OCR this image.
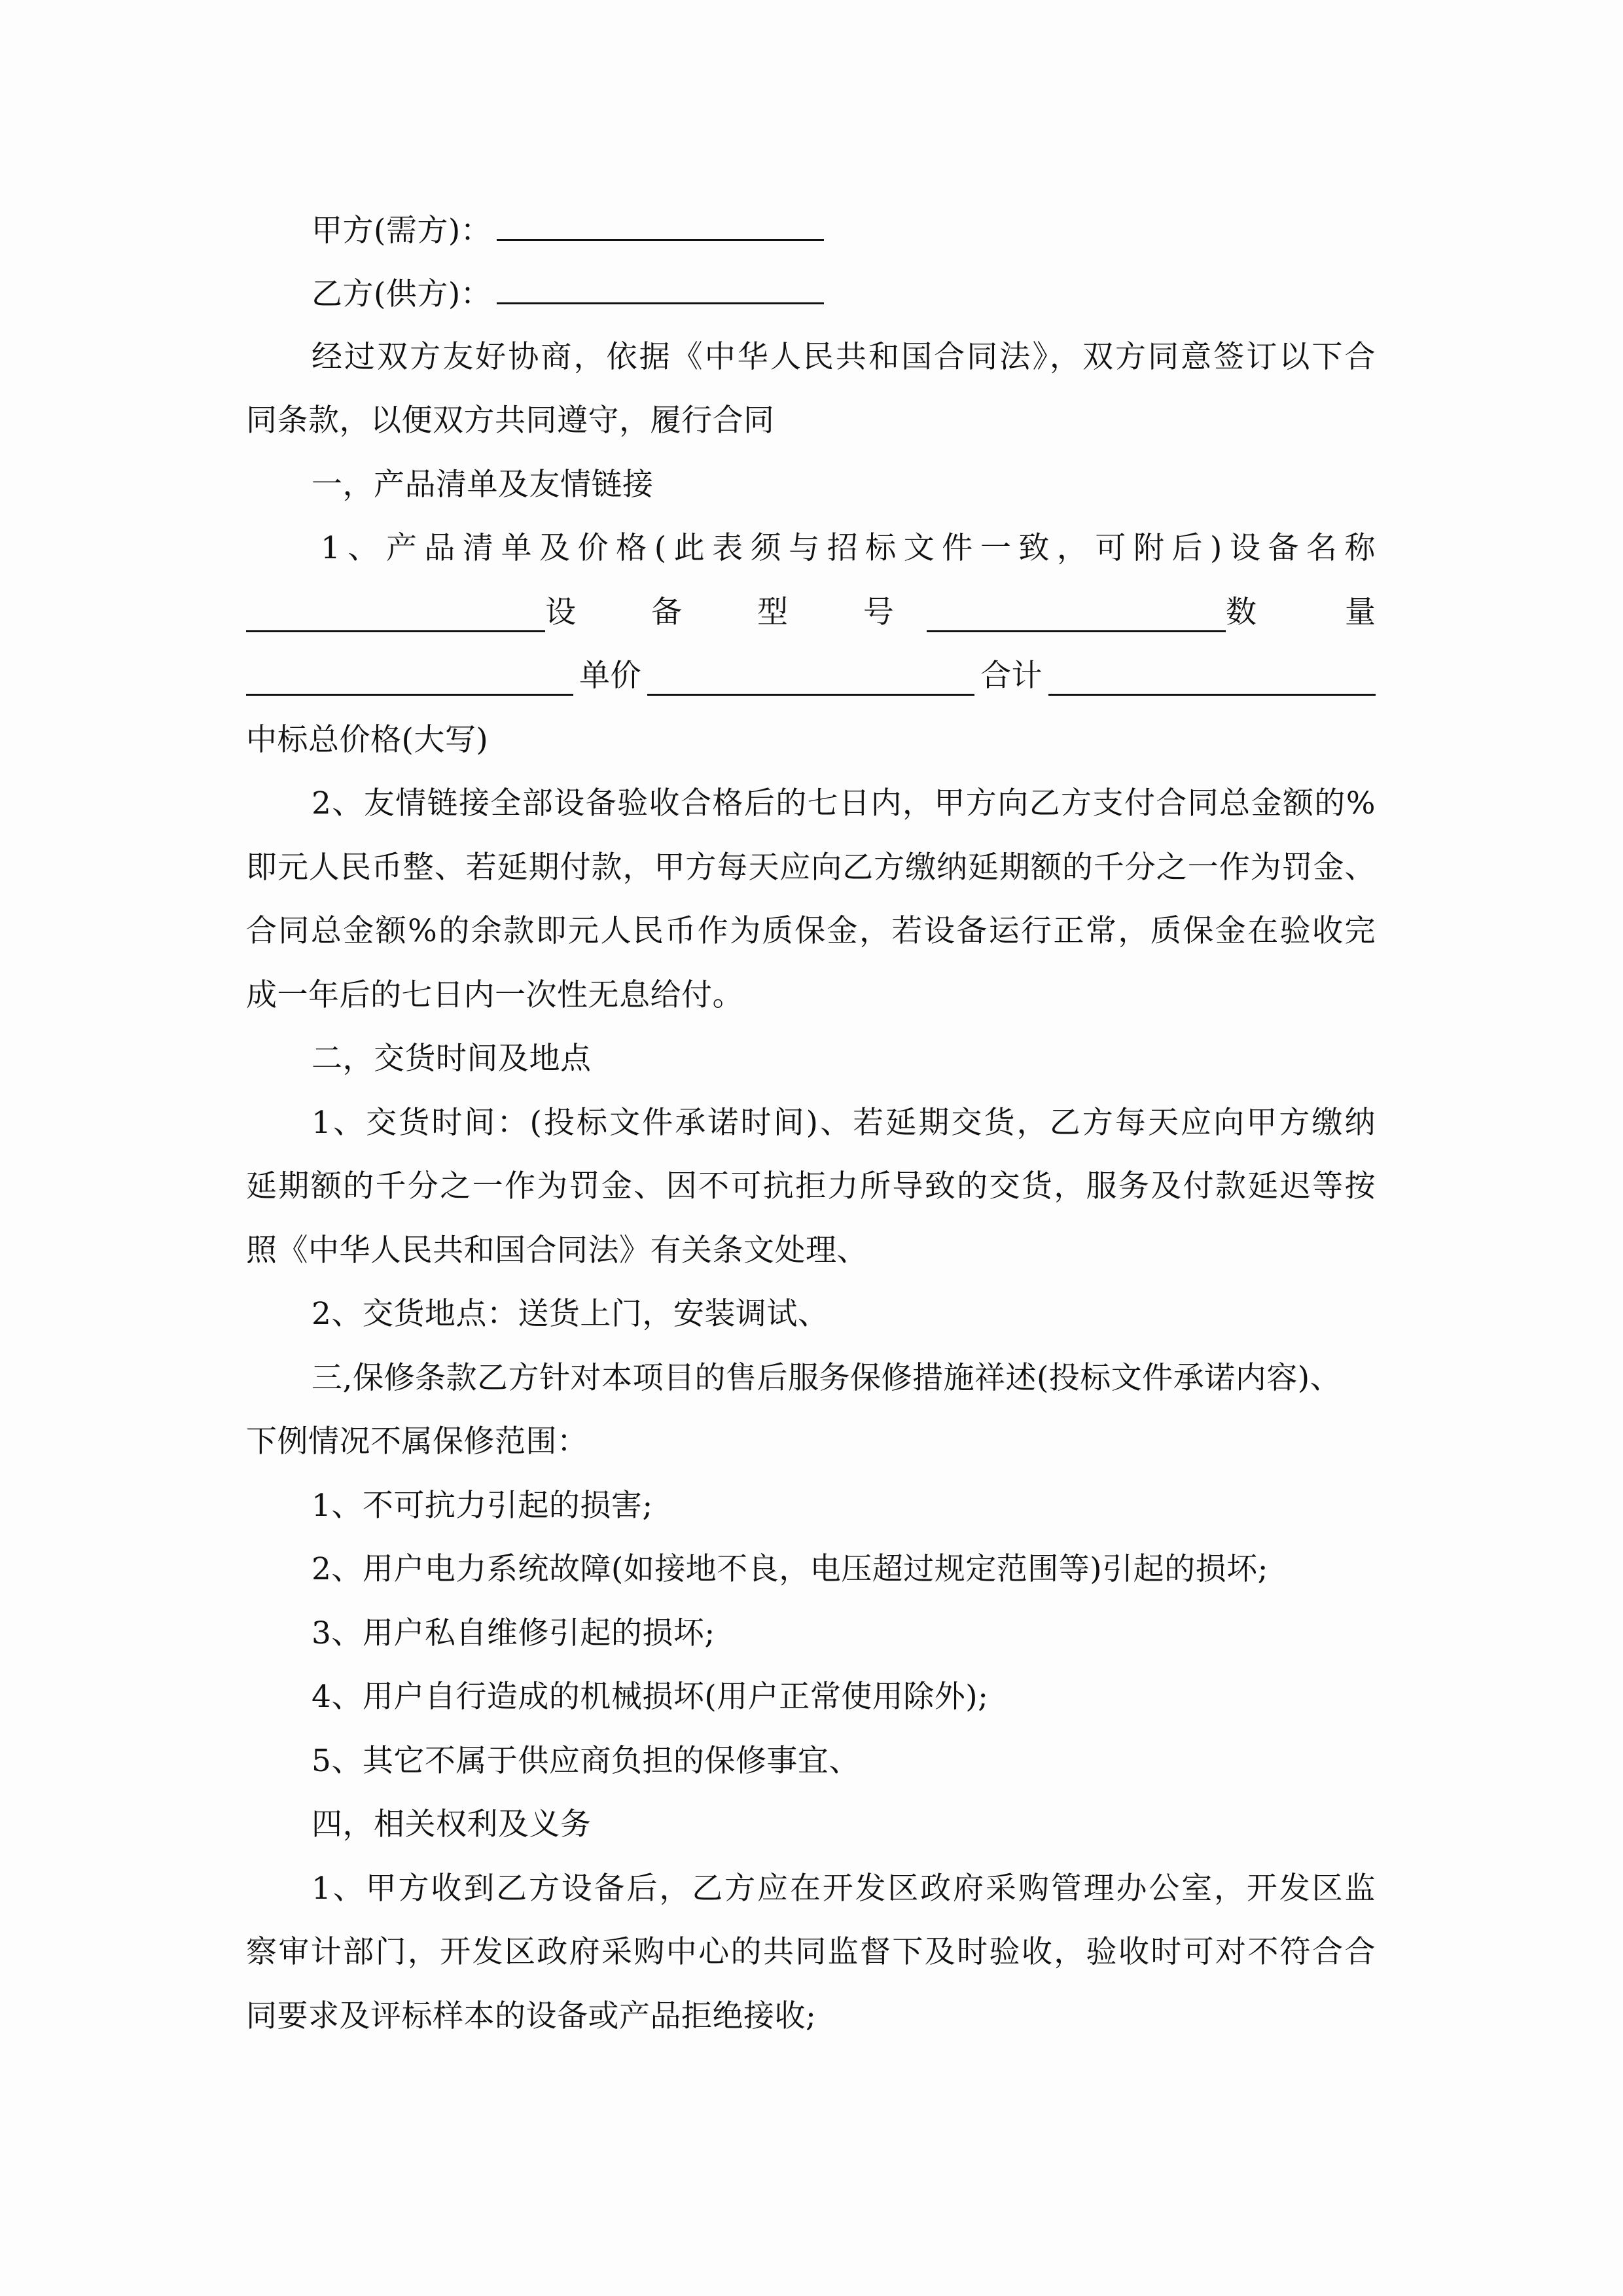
甲方(需方)：
乙方(供方)：
经过双方友好协商，依据《中华人民共和国合同法》，双方同意签订以下合
同条款，以便双方共同遵守，履行合同
一，产品清单及友情链接
1、产品清单及价格(此表须与招标文件一致，可附后)设备名称
设 备 型 号	数 量
单价	合计
中标总价格(大写)
2、友情链接全部设备验收合格后的七日内，甲方向乙方支付合同总金额的%
即元人民币整、若延期付款，甲方每天应向乙方缴纳延期额的千分之一作为罚金、
合同总金额%的余款即元人民币作为质保金，若设备运行正常，质保金在验收完
成一年后的七日内一次性无息给付。
二，交货时间及地点
1、交货时间：(投标文件承诺时间)、若延期交货，乙方每天应向甲方缴纳
延期额的千分之一作为罚金、因不可抗拒力所导致的交货，服务及付款延迟等按
照《中华人民共和国合同法》有关条文处理、
2、交货地点：送货上门，安装调试、
三,保修条款乙方针对本项目的售后服务保修措施祥述(投标文件承诺内容)、
下例情况不属保修范围：
1、不可抗力引起的损害;
2、用户电力系统故障(如接地不良，电压超过规定范围等)引起的损坏;
3、用户私自维修引起的损坏;
4、用户自行造成的机械损坏(用户正常使用除外);
5、其它不属于供应商负担的保修事宜、
四，相关权利及义务
1、甲方收到乙方设备后，乙方应在开发区政府采购管理办公室，开发区监
察审计部门，开发区政府采购中心的共同监督下及时验收，验收时可对不符合合
同要求及评标样本的设备或产品拒绝接收;
